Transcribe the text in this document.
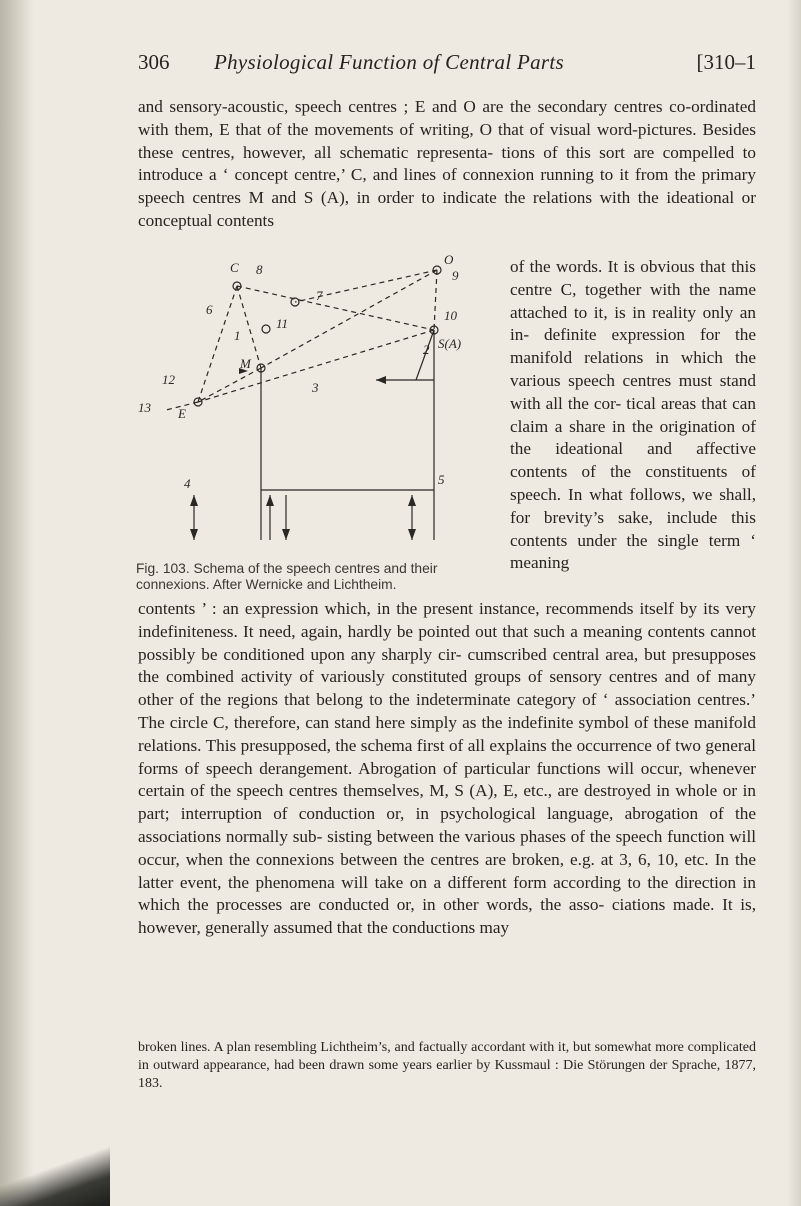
306 Physiological Function of Central Parts	[310–1
and sensory-acoustic, speech centres ; E and O are the secondary centres co-ordinated with them, E that of the movements of writing, O that of visual word-pictures. Besides these centres, however, all schematic representa- tions of this sort are compelled to introduce a ‘ concept centre,’ C, and lines of connexion running to it from the primary speech centres M and S (A), in order to indicate the relations with the ideational or conceptual contents
C
O
M
E
S(A)
1
2
3
4	5
6
7
8	9
10
11
12
13
of the words. It is obvious that this centre C, together with the name attached to it, is in reality only an in- definite expression for the manifold relations in which the various speech centres must stand with all the cor- tical areas that can claim a share in the origination of the ideational and affective contents of the constituents of speech. In what follows, we shall, for brevity’s sake, include this contents under the single term ‘ meaning
Fig. 103. Schema of the speech centres and their connexions. After Wernicke and Lichtheim.
contents ’ : an expression which, in the present instance, recommends itself by its very indefiniteness. It need, again, hardly be pointed out that such a meaning contents cannot possibly be conditioned upon any sharply cir- cumscribed central area, but presupposes the combined activity of variously constituted groups of sensory centres and of many other of the regions that belong to the indeterminate category of ‘ association centres.’ The circle C, therefore, can stand here simply as the indefinite symbol of these manifold relations. This presupposed, the schema first of all explains the occurrence of two general forms of speech derangement. Abrogation of particular functions will occur, whenever certain of the speech centres themselves, M, S (A), E, etc., are destroyed in whole or in part; interruption of conduction or, in psychological language, abrogation of the associations normally sub- sisting between the various phases of the speech function will occur, when the connexions between the centres are broken, e.g. at 3, 6, 10, etc. In the latter event, the phenomena will take on a different form according to the direction in which the processes are conducted or, in other words, the asso- ciations made. It is, however, generally assumed that the conductions may
broken lines. A plan resembling Lichtheim’s, and factually accordant with it, but somewhat more complicated in outward appearance, had been drawn some years earlier by Kussmaul : Die Störungen der Sprache, 1877, 183.
